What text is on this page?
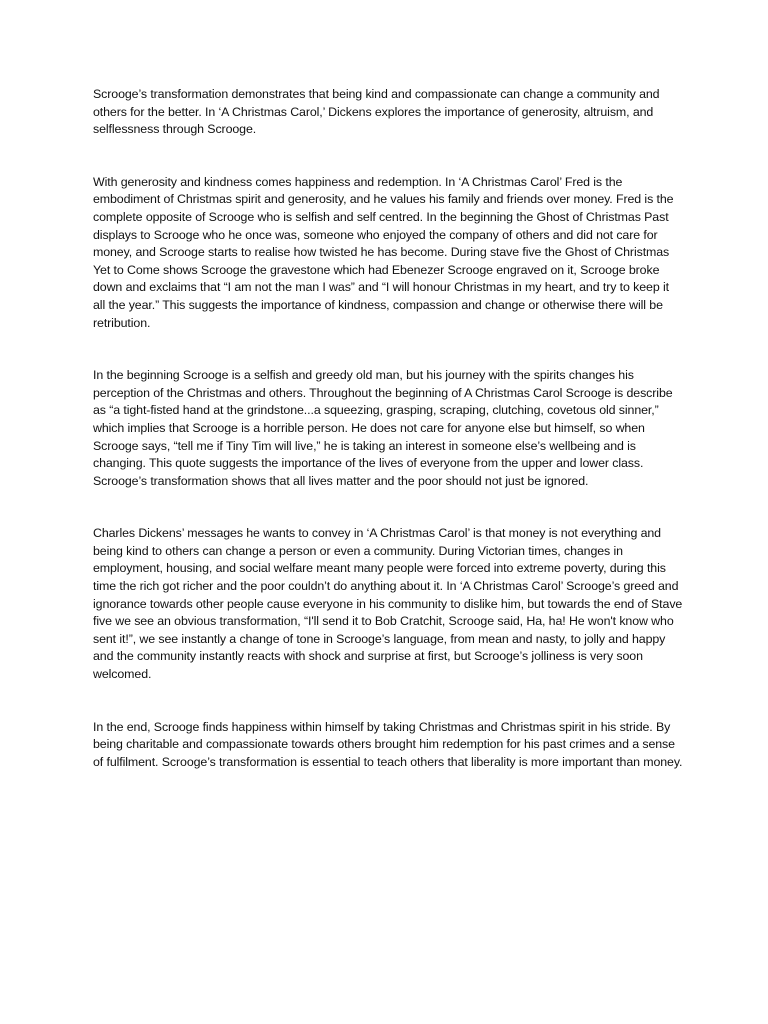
Scrooge’s transformation demonstrates that being kind and compassionate can change a community and others for the better. In ‘A Christmas Carol,’ Dickens explores the importance of generosity, altruism, and selflessness through Scrooge.

With generosity and kindness comes happiness and redemption. In ‘A Christmas Carol’ Fred is the embodiment of Christmas spirit and generosity, and he values his family and friends over money. Fred is the complete opposite of Scrooge who is selfish and self centred. In the beginning the Ghost of Christmas Past displays to Scrooge who he once was, someone who enjoyed the company of others and did not care for money, and Scrooge starts to realise how twisted he has become. During stave five the Ghost of Christmas Yet to Come shows Scrooge the gravestone which had Ebenezer Scrooge engraved on it, Scrooge broke down and exclaims that “I am not the man I was” and “I will honour Christmas in my heart, and try to keep it all the year.” This suggests the importance of kindness, compassion and change or otherwise there will be retribution.

In the beginning Scrooge is a selfish and greedy old man, but his journey with the spirits changes his perception of the Christmas and others. Throughout the beginning of A Christmas Carol Scrooge is describe as “a tight-fisted hand at the grindstone...a squeezing, grasping, scraping, clutching, covetous old sinner,” which implies that Scrooge is a horrible person. He does not care for anyone else but himself, so when Scrooge says, “tell me if Tiny Tim will live,” he is taking an interest in someone else’s wellbeing and is changing. This quote suggests the importance of the lives of everyone from the upper and lower class. Scrooge’s transformation shows that all lives matter and the poor should not just be ignored.

Charles Dickens’ messages he wants to convey in ‘A Christmas Carol’ is that money is not everything and being kind to others can change a person or even a community. During Victorian times, changes in employment, housing, and social welfare meant many people were forced into extreme poverty, during this time the rich got richer and the poor couldn’t do anything about it. In ‘A Christmas Carol’ Scrooge’s greed and ignorance towards other people cause everyone in his community to dislike him, but towards the end of Stave five we see an obvious transformation, “I'll send it to Bob Cratchit, Scrooge said, Ha, ha! He won't know who sent it!”, we see instantly a change of tone in Scrooge’s language, from mean and nasty, to jolly and happy and the community instantly reacts with shock and surprise at first, but Scrooge’s jolliness is very soon welcomed.

In the end, Scrooge finds happiness within himself by taking Christmas and Christmas spirit in his stride. By being charitable and compassionate towards others brought him redemption for his past crimes and a sense of fulfilment. Scrooge’s transformation is essential to teach others that liberality is more important than money.
